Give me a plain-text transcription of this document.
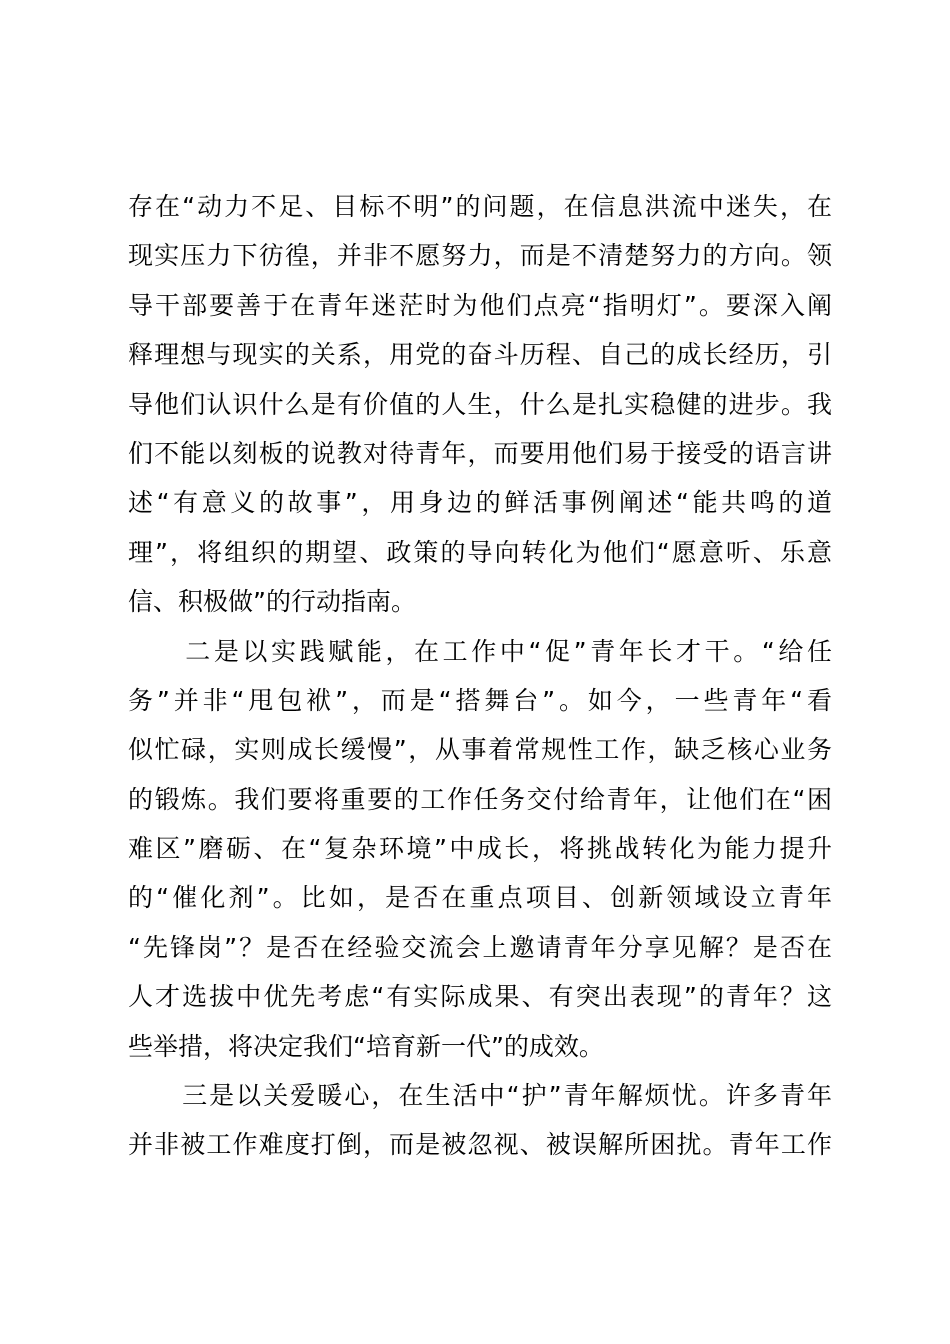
存在“动力不足、目标不明”的问题，在信息洪流中迷失，在
现实压力下彷徨，并非不愿努力，而是不清楚努力的方向。领
导干部要善于在青年迷茫时为他们点亮“指明灯”。要深入阐
释理想与现实的关系，用党的奋斗历程、自己的成长经历，引
导他们认识什么是有价值的人生，什么是扎实稳健的进步。我
们不能以刻板的说教对待青年，而要用他们易于接受的语言讲
述“有意义的故事”，用身边的鲜活事例阐述“能共鸣的道
理”，将组织的期望、政策的导向转化为他们“愿意听、乐意
信、积极做”的行动指南。
　　二是以实践赋能，在工作中“促”青年长才干。“给任
务”并非“甩包袱”，而是“搭舞台”。如今，一些青年“看
似忙碌，实则成长缓慢”，从事着常规性工作，缺乏核心业务
的锻炼。我们要将重要的工作任务交付给青年，让他们在“困
难区”磨砺、在“复杂环境”中成长，将挑战转化为能力提升
的“催化剂”。比如，是否在重点项目、创新领域设立青年
“先锋岗”？是否在经验交流会上邀请青年分享见解？是否在
人才选拔中优先考虑“有实际成果、有突出表现”的青年？这
些举措，将决定我们“培育新一代”的成效。
　　三是以关爱暖心，在生活中“护”青年解烦忧。许多青年
并非被工作难度打倒，而是被忽视、被误解所困扰。青年工作
